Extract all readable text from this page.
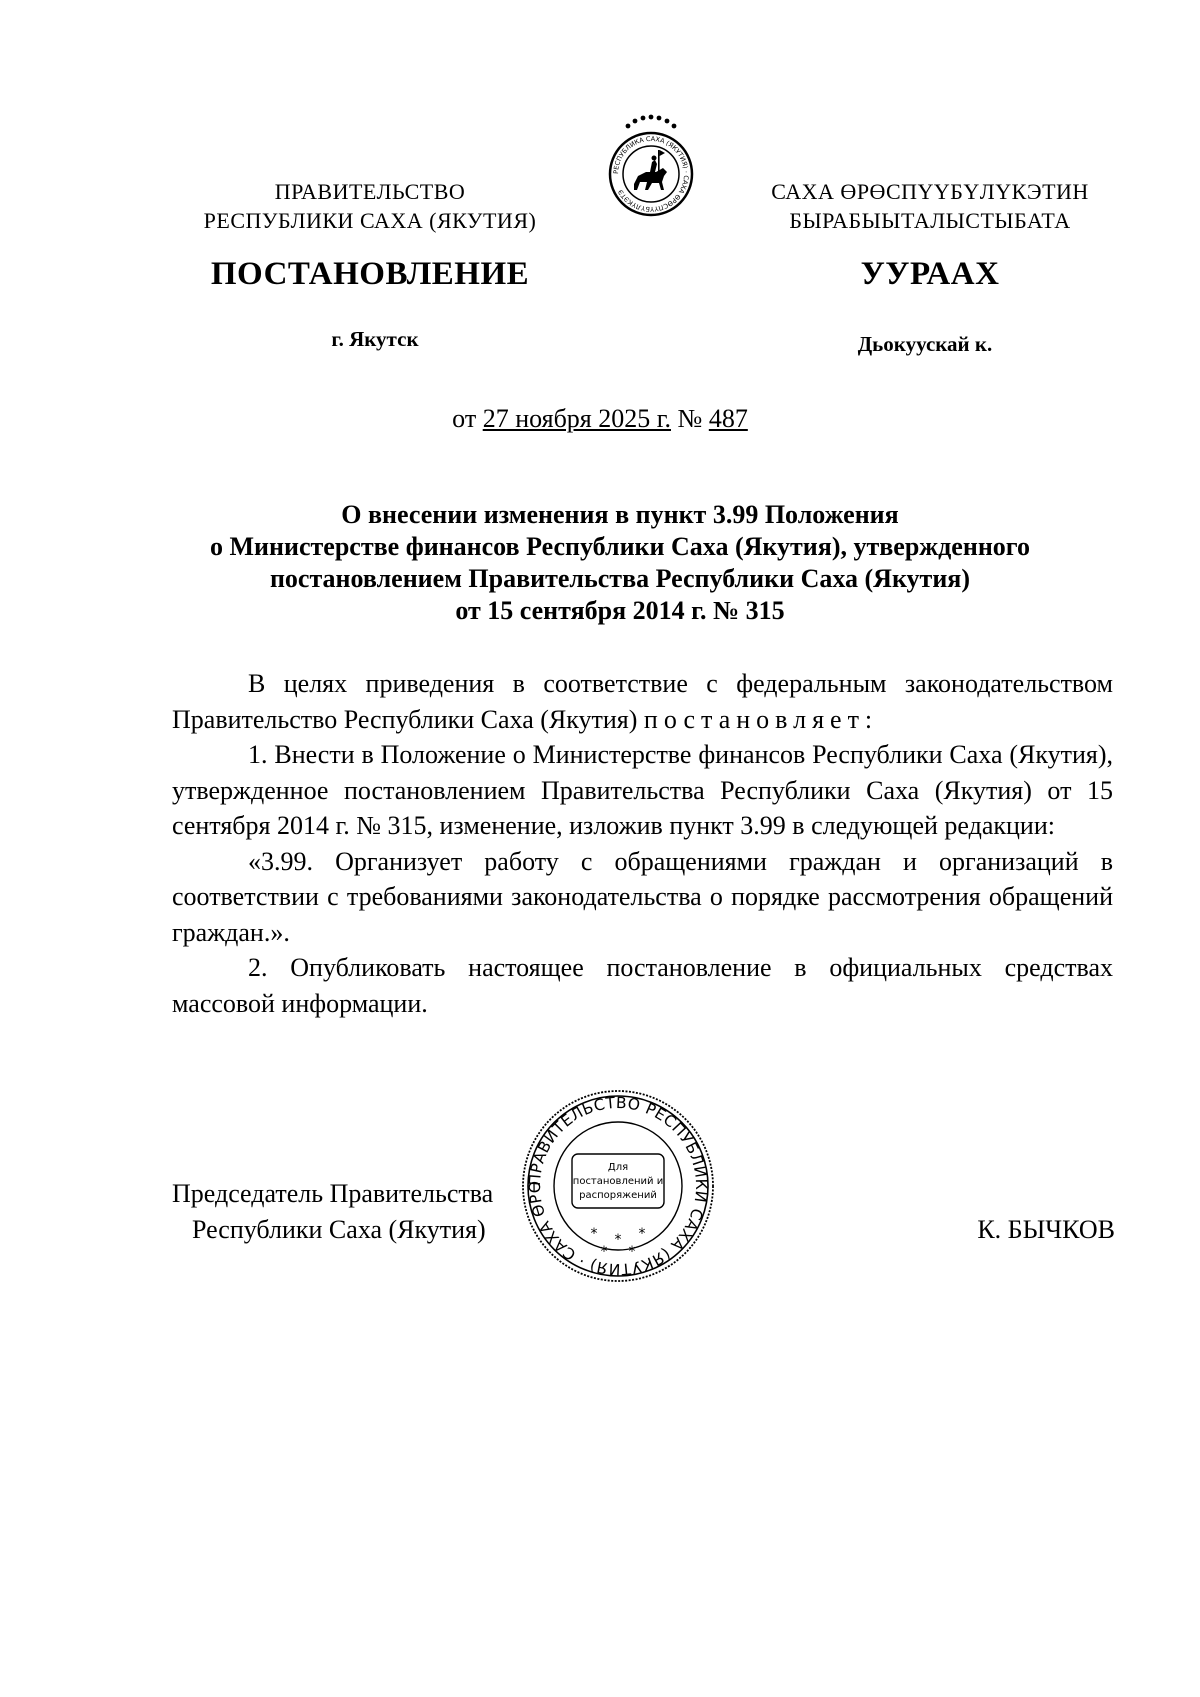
РЕСПУБЛИКА САХА (ЯКУТИЯ) · САХА ӨРӨСПҮҮБҮЛҮКЭТЭ
ПРАВИТЕЛЬСТВО
РЕСПУБЛИКИ САХА (ЯКУТИЯ)
САХА ӨРӨСПҮҮБҮЛҮКЭТИН
БЫРАБЫЫТАЛЫСТЫБАТА
ПОСТАНОВЛЕНИЕ	УУРААХ
г. Якутск	Дьокуускай к.
от 27 ноября 2025 г. № 487
О внесении изменения в пункт 3.99 Положения
о Министерстве финансов Республики Саха (Якутия), утвержденного
постановлением Правительства Республики Саха (Якутия)
от 15 сентября 2014 г. № 315

В целях приведения в соответствие с федеральным законодательством Правительство Республики Саха (Якутия) постановляет:

1. Внести в Положение о Министерстве финансов Республики Саха (Якутия), утвержденное постановлением Правительства Республики Саха (Якутия) от 15 сентября 2014 г. № 315, изменение, изложив пункт 3.99 в следующей редакции:

«3.99. Организует работу с обращениями граждан и организаций в соответствии с требованиями законодательства о порядке рассмотрения обращений граждан.».

2. Опубликовать настоящее постановление в официальных средствах массовой информации.

Председатель Правительства
Республики Саха (Якутия)	К. БЫЧКОВ
ПРАВИТЕЛЬСТВО РЕСПУБЛИКИ САХА (ЯКУТИЯ) · САХА ӨРӨ
Для
постановлений и
распоряжений
* * *
* *
